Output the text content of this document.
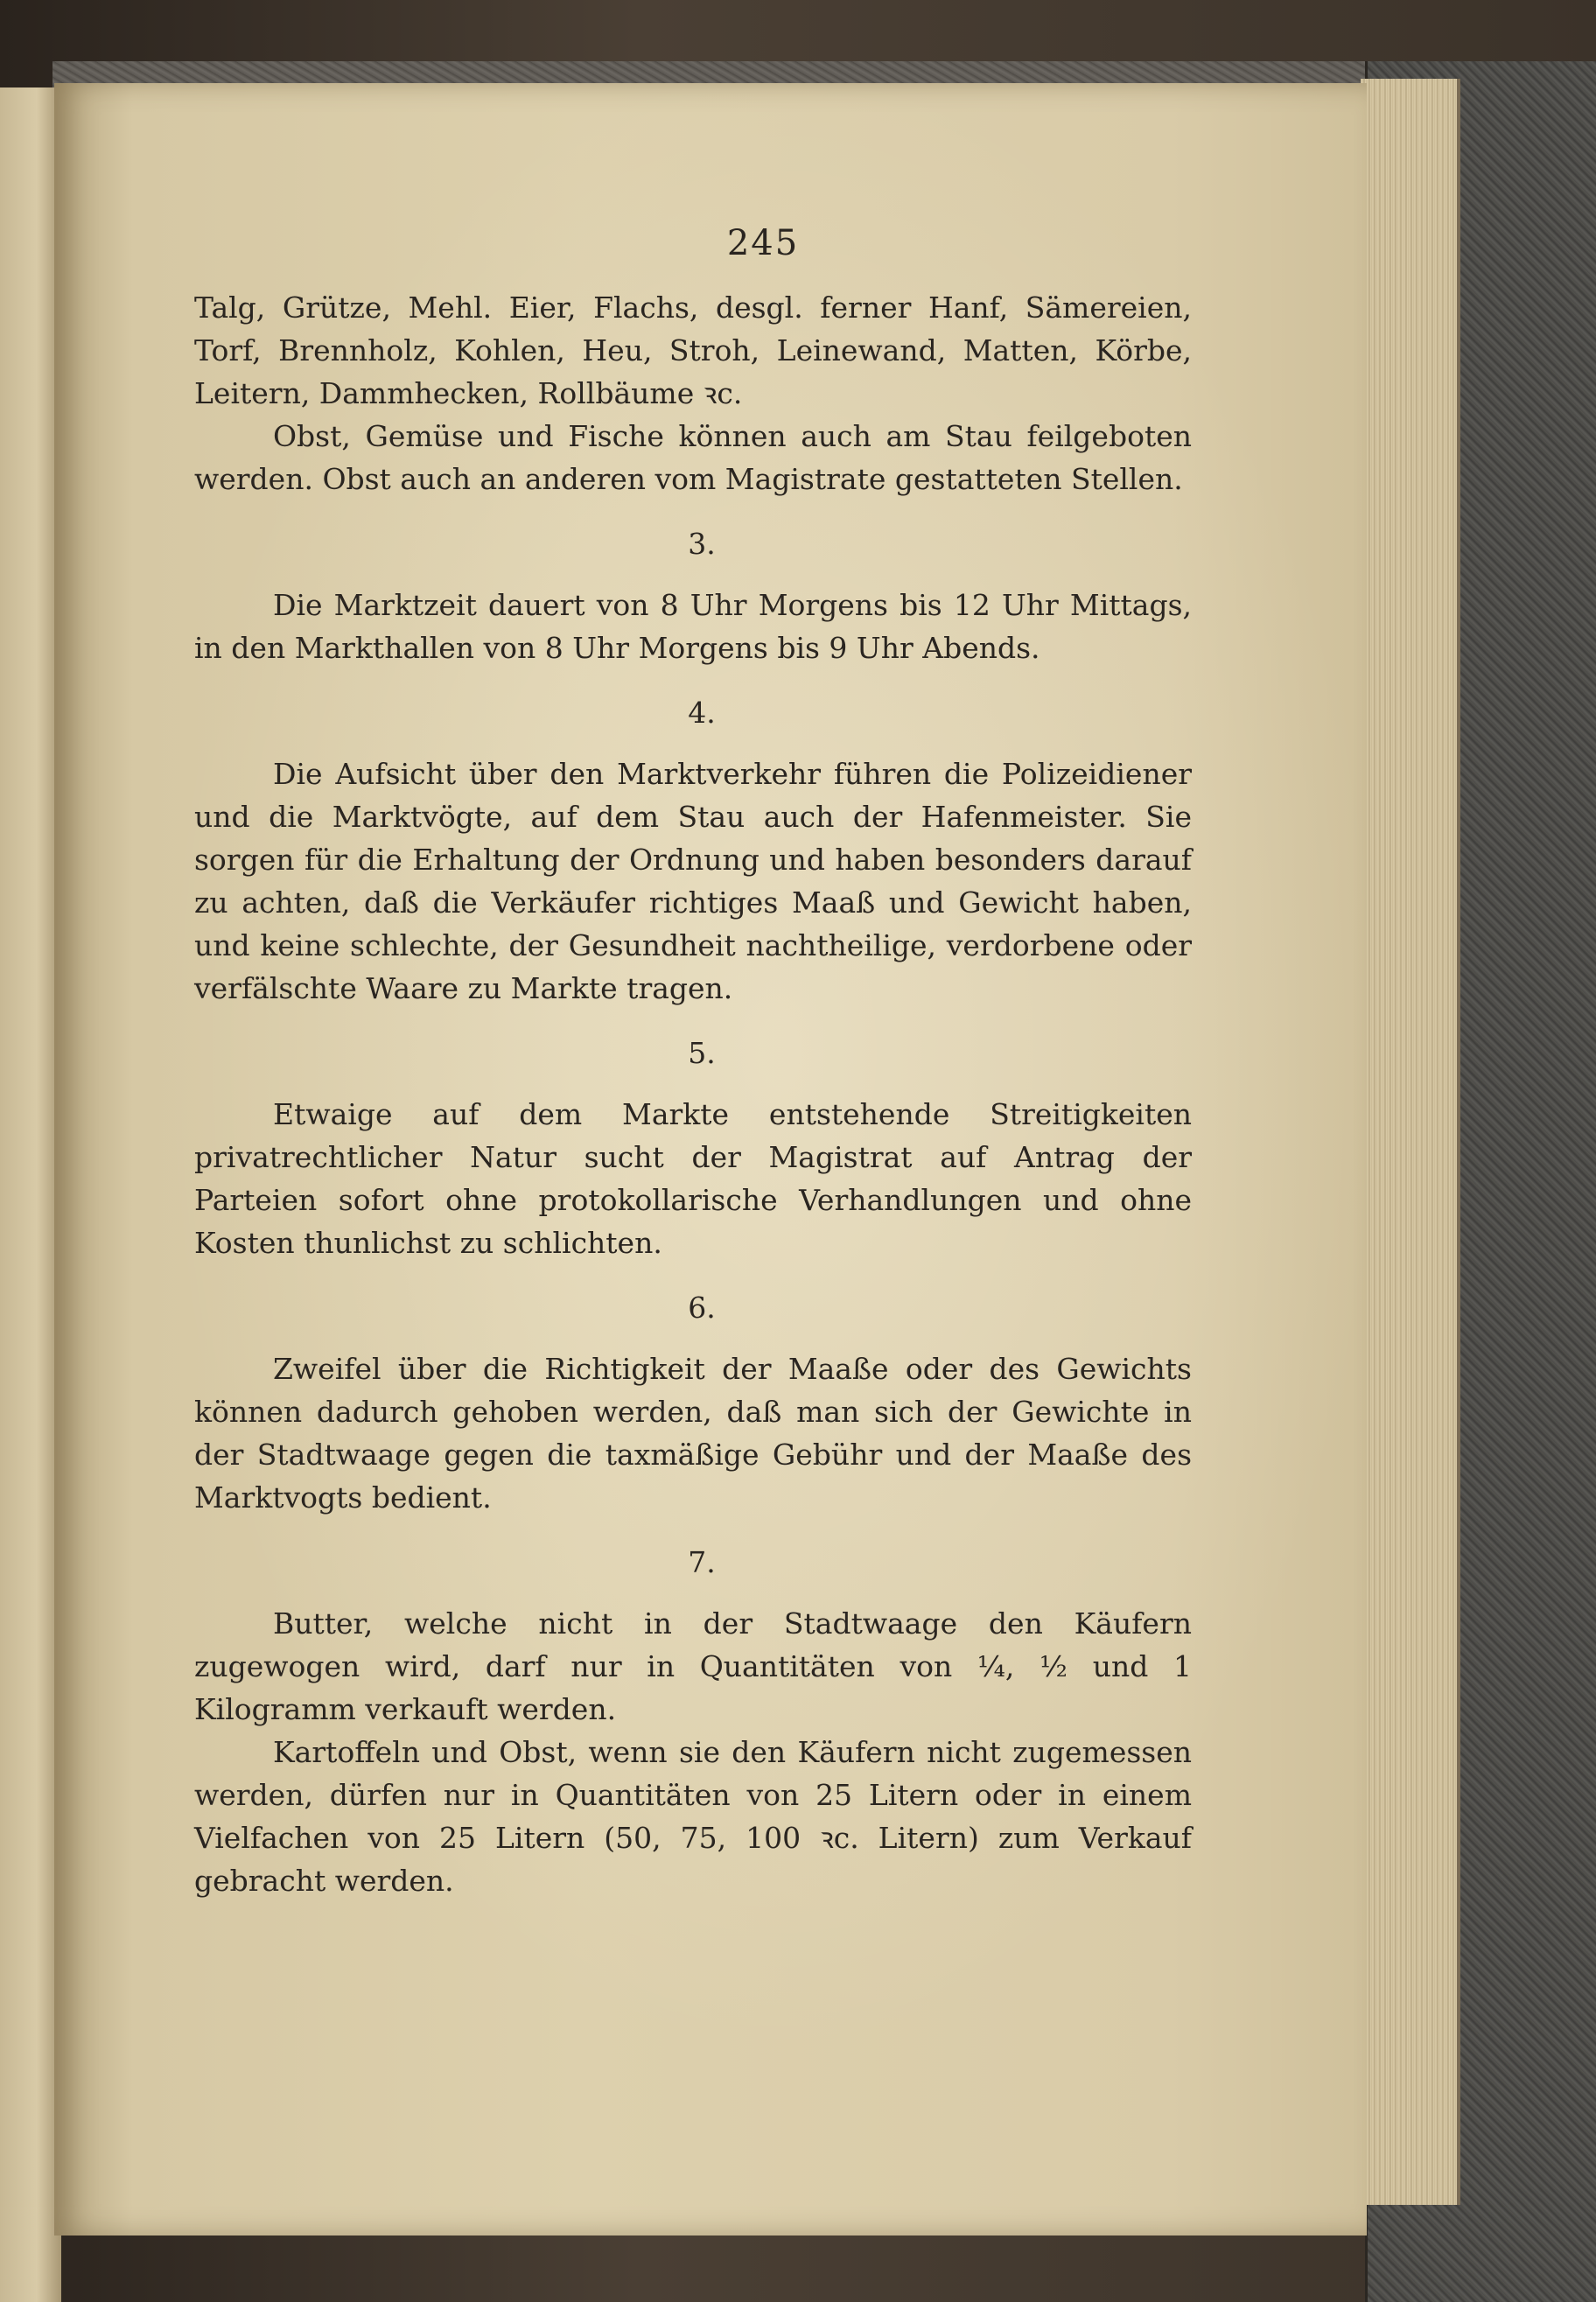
245

Talg, Grütze, Mehl. Eier, Flachs, desgl. ferner Hanf, Sämereien, Torf, Brennholz, Kohlen, Heu, Stroh, Leinewand, Matten, Körbe, Leitern, Dammhecken, Rollbäume ꝛc.

Obst, Gemüse und Fische können auch am Stau feilgeboten werden. Obst auch an anderen vom Magistrate gestatteten Stellen.

3.

Die Marktzeit dauert von 8 Uhr Morgens bis 12 Uhr Mittags, in den Markthallen von 8 Uhr Morgens bis 9 Uhr Abends.

4.

Die Aufsicht über den Marktverkehr führen die Polizeidiener und die Marktvögte, auf dem Stau auch der Hafenmeister. Sie sorgen für die Erhaltung der Ordnung und haben besonders darauf zu achten, daß die Verkäufer richtiges Maaß und Gewicht haben, und keine schlechte, der Gesundheit nachtheilige, verdorbene oder verfälschte Waare zu Markte tragen.

5.

Etwaige auf dem Markte entstehende Streitigkeiten privatrechtlicher Natur sucht der Magistrat auf Antrag der Parteien sofort ohne protokollarische Verhandlungen und ohne Kosten thunlichst zu schlichten.

6.

Zweifel über die Richtigkeit der Maaße oder des Gewichts können dadurch gehoben werden, daß man sich der Gewichte in der Stadtwaage gegen die taxmäßige Gebühr und der Maaße des Marktvogts bedient.

7.

Butter, welche nicht in der Stadtwaage den Käufern zugewogen wird, darf nur in Quantitäten von ¼, ½ und 1 Kilogramm verkauft werden.

Kartoffeln und Obst, wenn sie den Käufern nicht zugemessen werden, dürfen nur in Quantitäten von 25 Litern oder in einem Vielfachen von 25 Litern (50, 75, 100 ꝛc. Litern) zum Verkauf gebracht werden.
